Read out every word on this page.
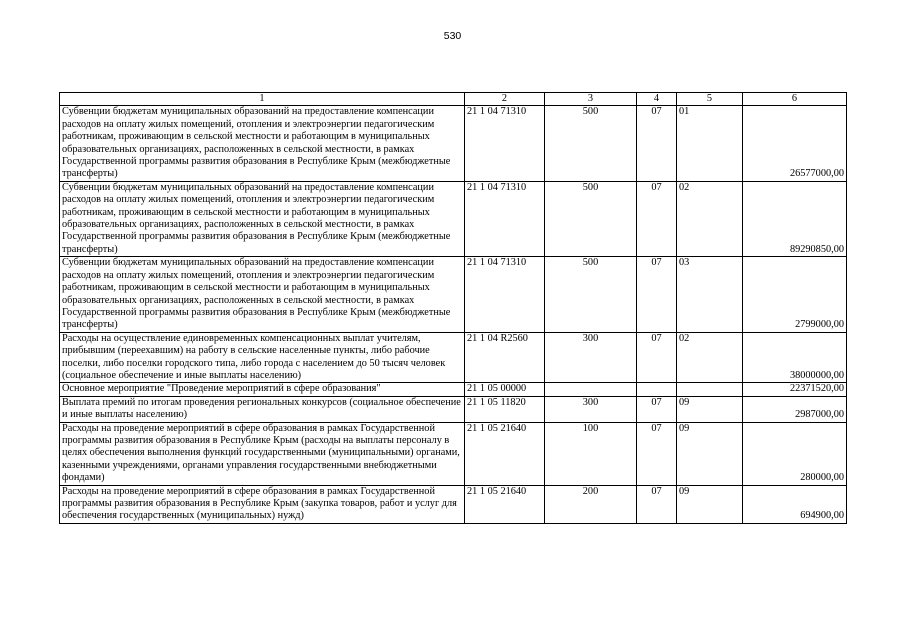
530
1	2	3	4	5	6
Субвенции бюджетам муниципальных образований на предоставление компенсации расходов на оплату жилых помещений, отопления и электроэнергии педагогическим работникам, проживающим в сельской местности и работающим в муниципальных образовательных организациях, расположенных в сельской местности, в рамках Государственной программы развития образования в Республике Крым (межбюджетные трансферты)	21 1 04 71310	500	07	01	26577000,00
Субвенции бюджетам муниципальных образований на предоставление компенсации расходов на оплату жилых помещений, отопления и электроэнергии педагогическим работникам, проживающим в сельской местности и работающим в муниципальных образовательных организациях, расположенных в сельской местности, в рамках Государственной программы развития образования в Республике Крым (межбюджетные трансферты)	21 1 04 71310	500	07	02	89290850,00
Субвенции бюджетам муниципальных образований на предоставление компенсации расходов на оплату жилых помещений, отопления и электроэнергии педагогическим работникам, проживающим в сельской местности и работающим в муниципальных образовательных организациях, расположенных в сельской местности, в рамках Государственной программы развития образования в Республике Крым (межбюджетные трансферты)	21 1 04 71310	500	07	03	2799000,00
Расходы на осуществление единовременных компенсационных выплат учителям, прибывшим (переехавшим) на работу в сельские населенные пункты, либо рабочие поселки, либо поселки городского типа, либо города с населением до 50 тысяч человек (социальное обеспечение и иные выплаты населению)	21 1 04 R2560	300	07	02	38000000,00
Основное мероприятие "Проведение мероприятий в сфере образования"	21 1 05 00000				22371520,00
Выплата премий по итогам проведения региональных конкурсов (социальное обеспечение и иные выплаты населению)	21 1 05 11820	300	07	09	2987000,00
Расходы на проведение мероприятий в сфере образования в рамках Государственной программы развития образования в Республике Крым (расходы на выплаты персоналу в целях обеспечения выполнения функций государственными (муниципальными) органами, казенными учреждениями, органами управления государственными внебюджетными фондами)	21 1 05 21640	100	07	09	280000,00
Расходы на проведение мероприятий в сфере образования в рамках Государственной программы развития образования в Республике Крым (закупка товаров, работ и услуг для обеспечения государственных (муниципальных) нужд)	21 1 05 21640	200	07	09	694900,00
